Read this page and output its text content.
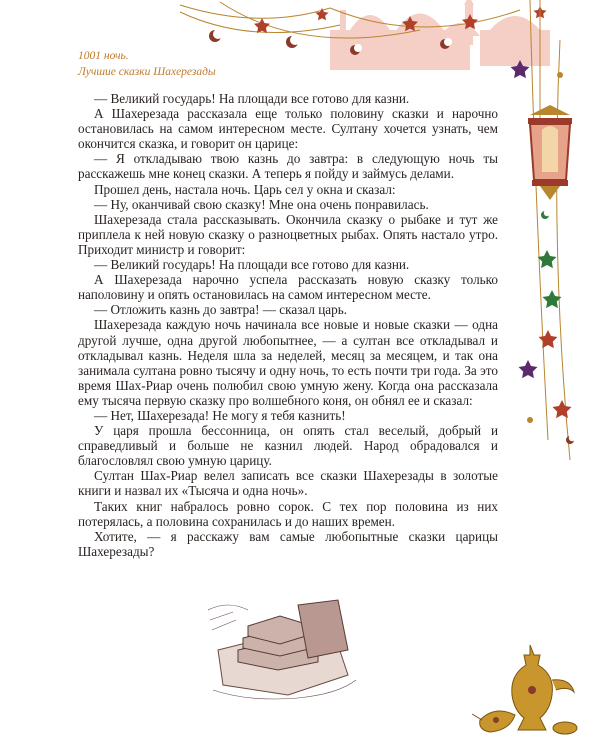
1001 ночь.
Лучшие сказки Шахерезады

— Великий государь! На площади все готово для казни.

А Шахерезада рассказала еще только половину сказки и нарочно остановилась на самом интересном месте. Султану хочется узнать, чем окончится сказка, и говорит он царице:

— Я откладываю твою казнь до завтра: в следующую ночь ты расскажешь мне конец сказки. А теперь я пойду и займусь делами.

Прошел день, настала ночь. Царь сел у окна и сказал:

— Ну, оканчивай свою сказку! Мне она очень понравилась.

Шахерезада стала рассказывать. Окончила сказку о рыбаке и тут же приплела к ней новую сказку о разноцветных рыбах. Опять настало утро. Приходит министр и говорит:

— Великий государь! На площади все готово для казни.

А Шахерезада нарочно успела рассказать новую сказку только наполовину и опять остановилась на самом интересном месте.

— Отложить казнь до завтра! — сказал царь.

Шахерезада каждую ночь начинала все новые и новые сказки — одна другой лучше, одна другой любопытнее, — а султан все откладывал и откладывал казнь. Неделя шла за неделей, месяц за месяцем, и так она занимала султана ровно тысячу и одну ночь, то есть почти три года. За это время Шах-Риар очень полюбил свою умную жену. Когда она рассказала ему тысяча первую сказку про волшебного коня, он обнял ее и сказал:

— Нет, Шахерезада! Не могу я тебя казнить!

У царя прошла бессонница, он опять стал веселый, добрый и справедливый и больше не казнил людей. Народ обрадовался и благословлял свою умную царицу.

Султан Шах-Риар велел записать все сказки Шахерезады в золотые книги и назвал их «Тысяча и одна ночь».

Таких книг набралось ровно сорок. С тех пор половина из них потерялась, а половина сохранилась и до наших времен.

Хотите, — я расскажу вам самые любопытные сказки царицы Шахерезады?
